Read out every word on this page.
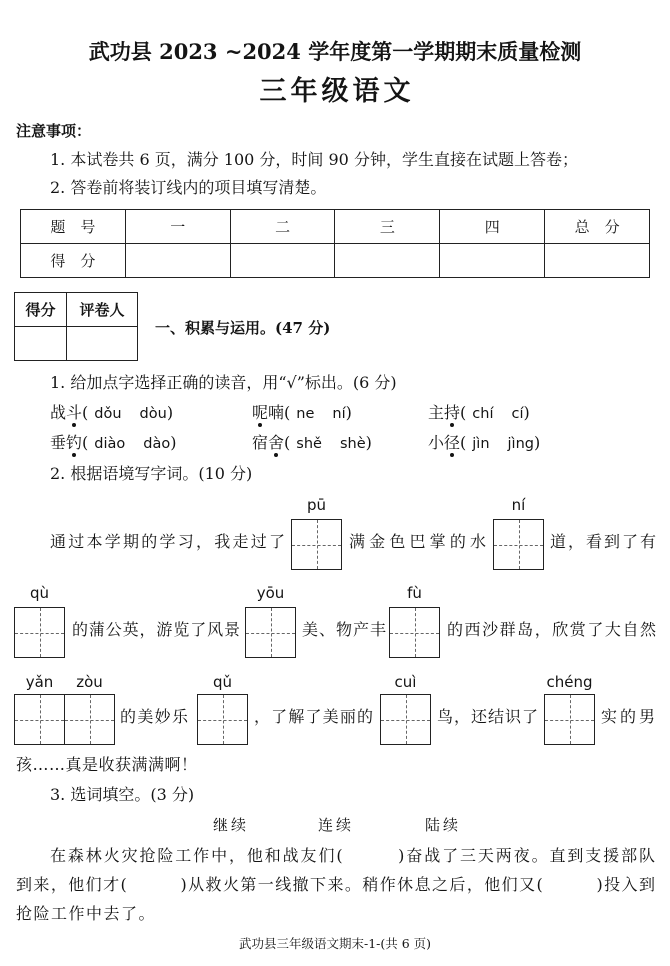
武功县 2023 ~2024 学年度第一学期期末质量检测
三年级语文
注意事项：
1. 本试卷共 6 页，满分 100 分，时间 90 分钟，学生直接在试题上答卷；
2. 答卷前将装订线内的项目填写清楚。
题　号	一	二	三	四	总　分
得　分					
得分	评卷人

一、积累与运用。(47 分)
1. 给加点字选择正确的读音，用“√”标出。(6 分)
战斗 ( dǒu dòu )	呢喃 ( ne ní )	主持 ( chí cí )
垂钓 ( diào dào )	宿舍 ( shě shè )	小径 ( jìn jìng )
2. 根据语境写字词。(10 分)
通过本学期的学习，我走过了
pū
满金色巴掌的水
ní
道，看到了有
qù
的蒲公英，游览了风景
yōu
美、物产丰
fù
的西沙群岛，欣赏了大自然
yǎn	zòu
的美妙乐
qǔ
，了解了美丽的
cuì
鸟，还结识了
chéng
实的男
孩……真是收获满满啊！
3. 选词填空。(3 分)
继续	连续	陆续
在森林火灾抢险工作中，他和战友们(　　　)奋战了三天两夜。直到支援部队
到来，他们才(　　　)从救火第一线撤下来。稍作休息之后，他们又(　　　)投入到
抢险工作中去了。
武功县三年级语文期末-1-(共 6 页)
